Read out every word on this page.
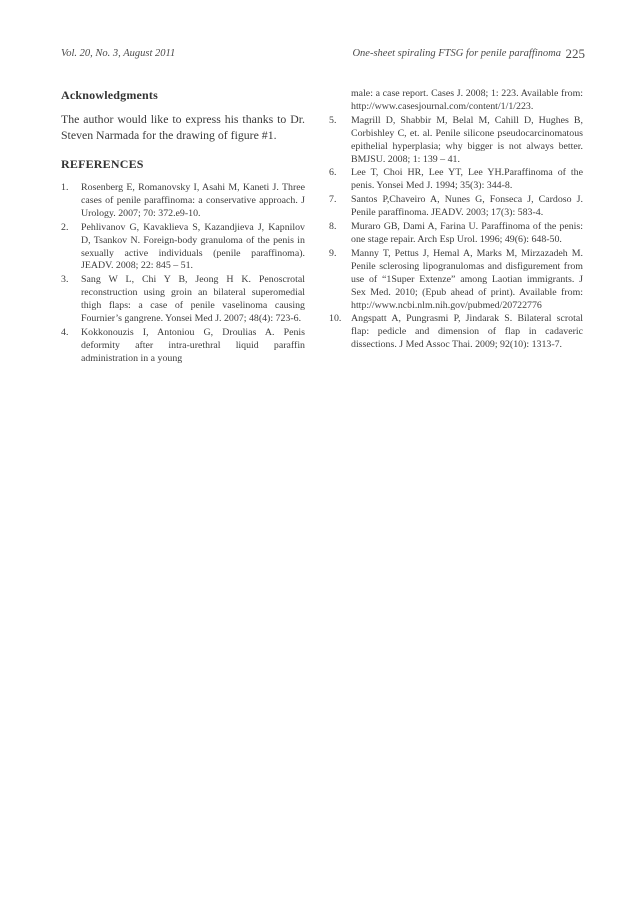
Vol. 20, No. 3, August 2011	One-sheet spiraling FTSG for penile paraffinoma 225
Acknowledgments

The author would like to express his thanks to Dr. Steven Narmada for the drawing of figure #1.

REFERENCES
1. Rosenberg E, Romanovsky I, Asahi M, Kaneti J. Three cases of penile paraffinoma: a conservative approach. J Urology. 2007; 70: 372.e9-10.
2. Pehlivanov G, Kavaklieva S, Kazandjieva J, Kapnilov D, Tsankov N. Foreign-body granuloma of the penis in sexually active individuals (penile paraffinoma). JEADV. 2008; 22: 845 – 51.
3. Sang W L, Chi Y B, Jeong H K. Penoscrotal reconstruction using groin an bilateral superomedial thigh flaps: a case of penile vaselinoma causing Fournier’s gangrene. Yonsei Med J. 2007; 48(4): 723-6.
4. Kokkonouzis I, Antoniou G, Droulias A. Penis deformity after intra-urethral liquid paraffin administration in a young
male: a case report. Cases J. 2008; 1: 223. Available from: http://www.casesjournal.com/content/1/1/223.
5. Magrill D, Shabbir M, Belal M, Cahill D, Hughes B, Corbishley C, et. al. Penile silicone pseudocarcinomatous epithelial hyperplasia; why bigger is not always better. BMJSU. 2008; 1: 139 – 41.
6. Lee T, Choi HR, Lee YT, Lee YH.Paraffinoma of the penis. Yonsei Med J. 1994; 35(3): 344-8.
7. Santos P,Chaveiro A, Nunes G, Fonseca J, Cardoso J. Penile paraffinoma. JEADV. 2003; 17(3): 583-4.
8. Muraro GB, Dami A, Farina U. Paraffinoma of the penis: one stage repair. Arch Esp Urol. 1996; 49(6): 648-50.
9. Manny T, Pettus J, Hemal A, Marks M, Mirzazadeh M. Penile sclerosing lipogranulomas and disfigurement from use of “1Super Extenze” among Laotian immigrants. J Sex Med. 2010; (Epub ahead of print). Available from: http://www.ncbi.nlm.nih.gov/pubmed/20722776
10. Angspatt A, Pungrasmi P, Jindarak S. Bilateral scrotal flap: pedicle and dimension of flap in cadaveric dissections. J Med Assoc Thai. 2009; 92(10): 1313-7.
